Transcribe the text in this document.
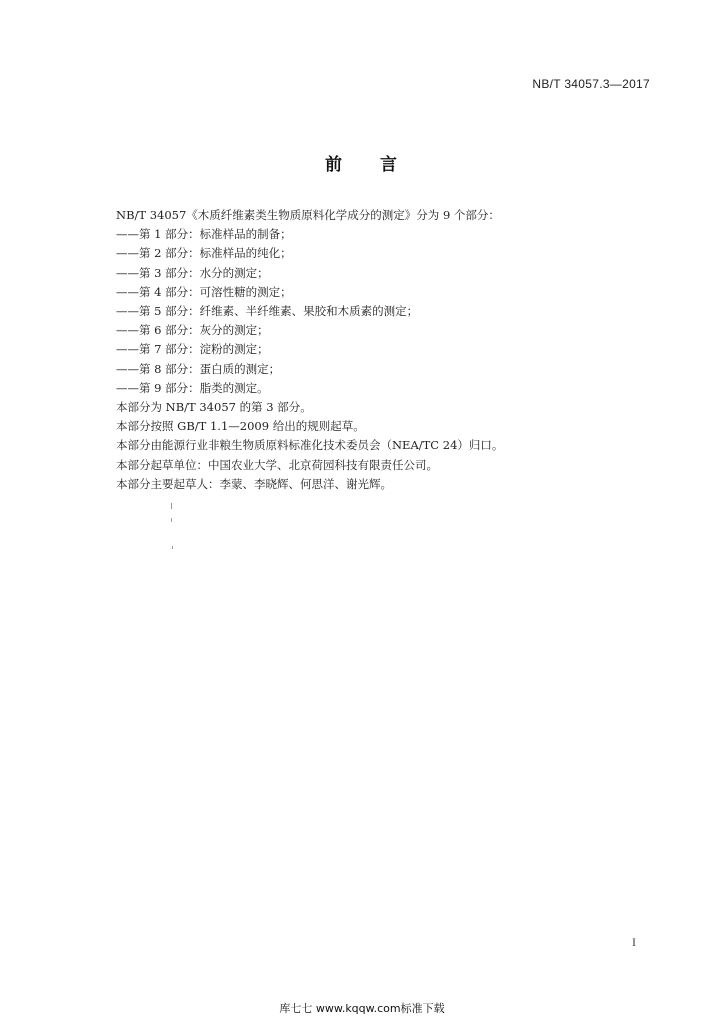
NB/T 34057.3—2017
前 言

NB/T 34057《木质纤维素类生物质原料化学成分的测定》分为 9 个部分：

——第 1 部分：标准样品的制备；

——第 2 部分：标准样品的纯化；

——第 3 部分：水分的测定；

——第 4 部分：可溶性糖的测定；

——第 5 部分：纤维素、半纤维素、果胶和木质素的测定；

——第 6 部分：灰分的测定；

——第 7 部分：淀粉的测定；

——第 8 部分：蛋白质的测定；

——第 9 部分：脂类的测定。

本部分为 NB/T 34057 的第 3 部分。

本部分按照 GB/T 1.1—2009 给出的规则起草。

本部分由能源行业非粮生物质原料标准化技术委员会（NEA/TC 24）归口。

本部分起草单位：中国农业大学、北京荷园科技有限责任公司。

本部分主要起草人：李蒙、李晓辉、何思洋、谢光辉。

I
库七七 www.kqqw.com标准下载
